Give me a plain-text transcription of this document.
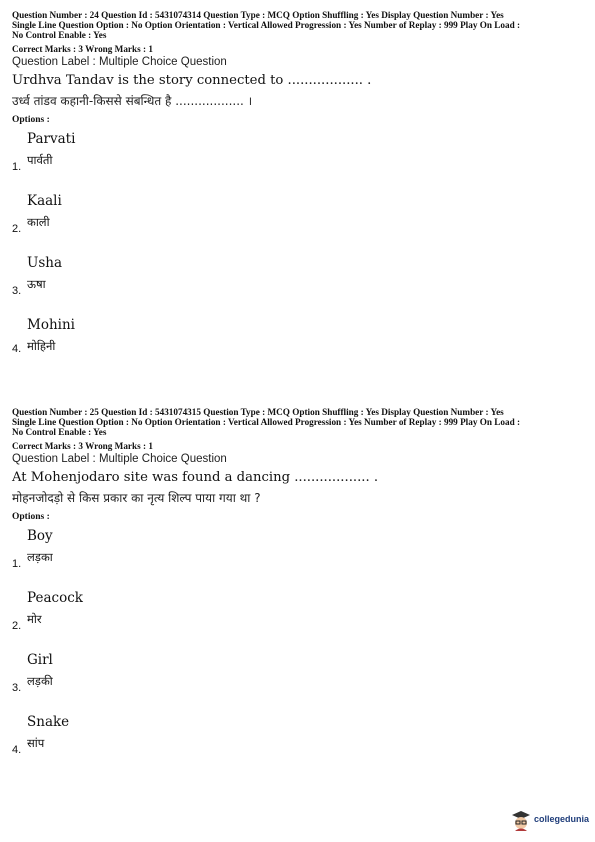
Question Number : 24 Question Id : 5431074314 Question Type : MCQ Option Shuffling : Yes Display Question Number : Yes
Single Line Question Option : No Option Orientation : Vertical Allowed Progression : Yes Number of Replay : 999 Play On Load :
No Control Enable : Yes
Correct Marks : 3 Wrong Marks : 1
Question Label : Multiple Choice Question
Urdhva Tandav is the story connected to .................. .
उर्ध्व तांडव कहानी-किससे संबन्धित है .................. ।
Options :
Parvati
पार्वती
1.
Kaali
काली
2.
Usha
ऊषा
3.
Mohini
मोहिनी
4.
Question Number : 25 Question Id : 5431074315 Question Type : MCQ Option Shuffling : Yes Display Question Number : Yes
Single Line Question Option : No Option Orientation : Vertical Allowed Progression : Yes Number of Replay : 999 Play On Load :
No Control Enable : Yes
Correct Marks : 3 Wrong Marks : 1
Question Label : Multiple Choice Question
At Mohenjodaro site was found a dancing .................. .
मोहनजोदड़ो से किस प्रकार का नृत्य शिल्प पाया गया था ?
Options :
Boy
लड़का
1.
Peacock
मोर
2.
Girl
लड़की
3.
Snake
सांप
4.
collegedunia
